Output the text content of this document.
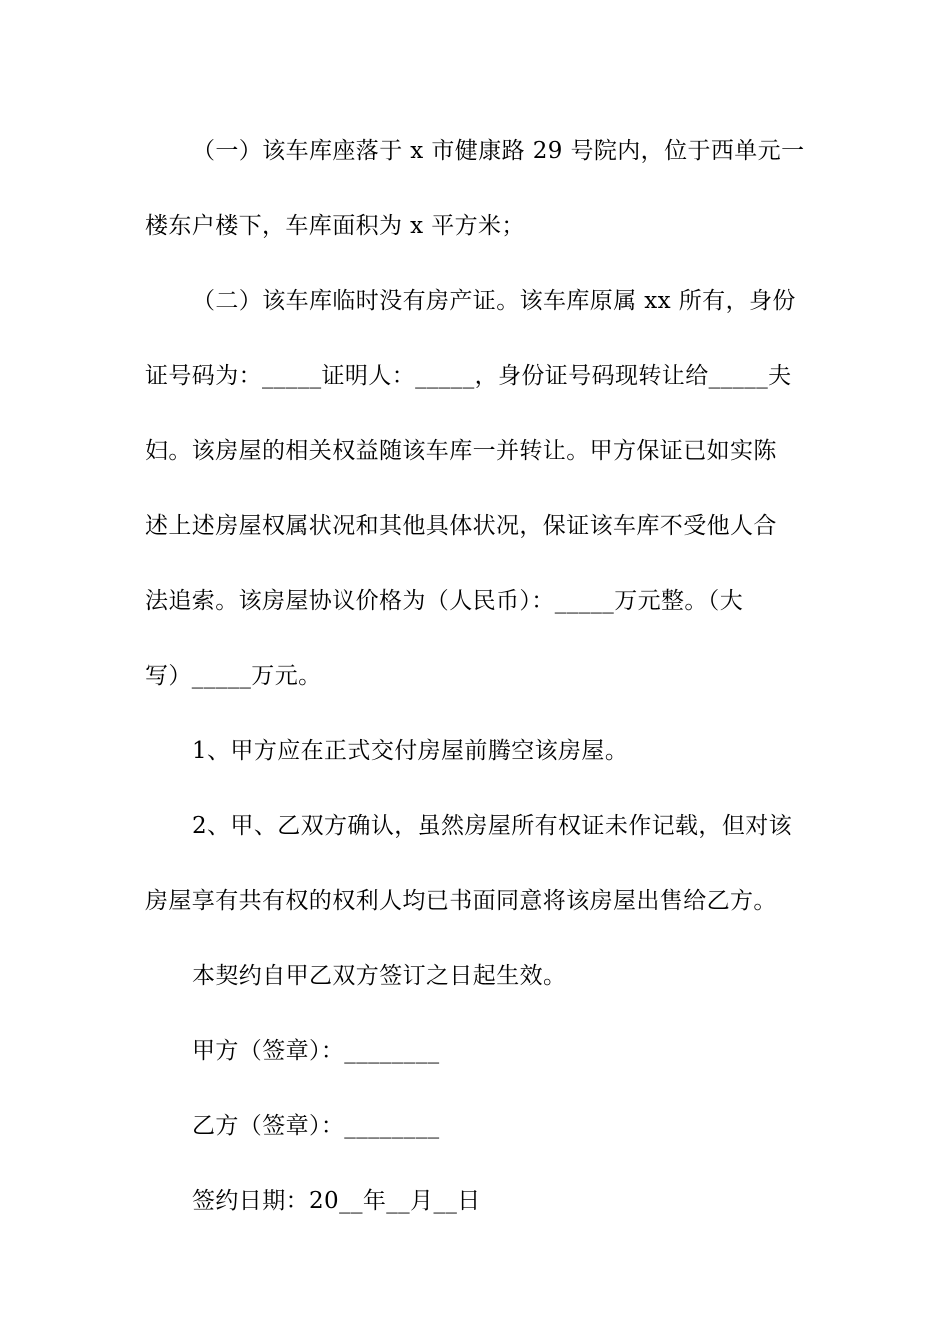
（一）该车库座落于 x 市健康路 29 号院内，位于西单元一
楼东户楼下，车库面积为 x 平方米；
（二）该车库临时没有房产证。该车库原属 xx 所有，身份
证号码为：_____证明人：_____，身份证号码现转让给_____夫
妇。该房屋的相关权益随该车库一并转让。甲方保证已如实陈
述上述房屋权属状况和其他具体状况，保证该车库不受他人合
法追索。该房屋协议价格为（人民币）：_____万元整。（大
写）_____万元。
1、甲方应在正式交付房屋前腾空该房屋。
2、甲、乙双方确认，虽然房屋所有权证未作记载，但对该
房屋享有共有权的权利人均已书面同意将该房屋出售给乙方。
本契约自甲乙双方签订之日起生效。
甲方（签章）：________
乙方（签章）：________
签约日期：20__年__月__日
